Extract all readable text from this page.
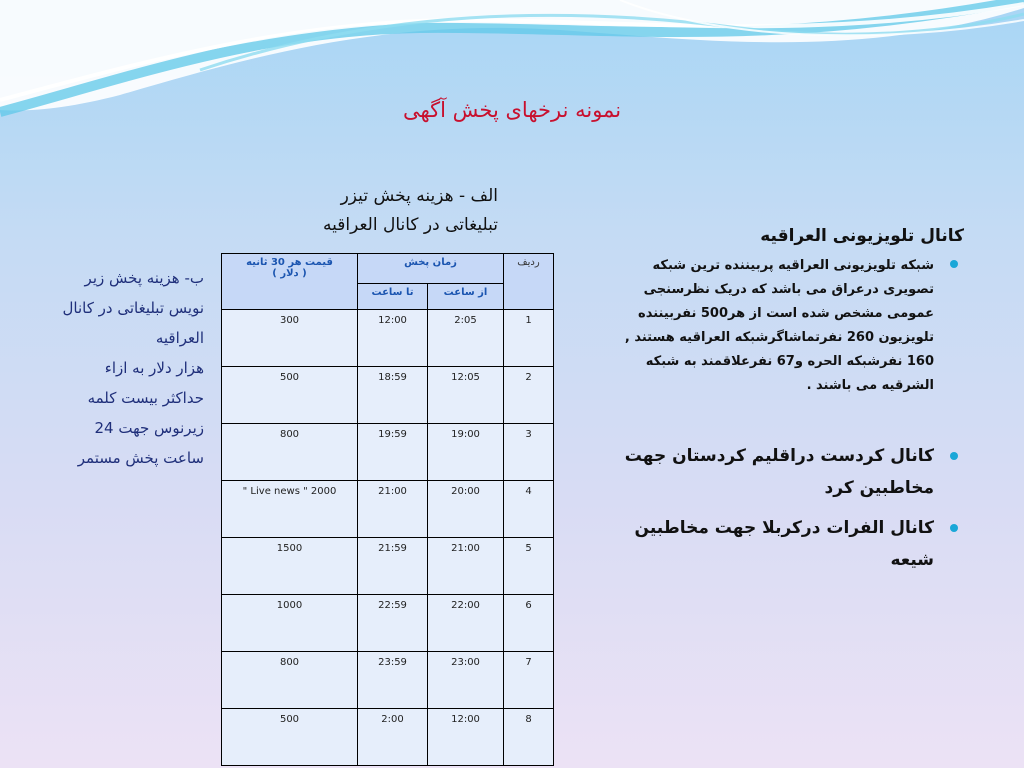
نمونه نرخهای پخش آگهی
الف - هزینه پخش تیزر
تبلیغاتی در کانال العراقیه
ب- هزینه پخش زیر
نویس تبلیغاتی در کانال
العراقیه
هزار دلار به ازاء
حداکثر بیست کلمه
زیرنوس جهت 24
ساعت پخش مستمر
کانال تلویزیونی العراقیه
شبکه تلویزیونی العراقیه پربیننده ترین شبکه
تصویری درعراق می باشد که دریک نظرسنجی
عمومی مشخص شده است از هر500 نفربیننده
تلویزیون 260 نفرتماشاگرشبکه العراقیه هستند ,
160 نفرشبکه الحره و67 نفرعلاقمند به شبکه
الشرقیه می باشند .
کانال کردست دراقلیم کردستان جهت
مخاطبین کرد
کانال الفرات درکربلا جهت مخاطبین
شیعه
ردیف	زمان پخش		قیمت هر 30 ثانیه
( دلار )

	از ساعت	تا ساعت	
1	2:05	12:00	300
2	12:05	18:59	500
3	19:00	19:59	800
4	20:00	21:00	" Live news " 2000
5	21:00	21:59	1500
6	22:00	22:59	1000
7	23:00	23:59	800
8	12:00	2:00	500
